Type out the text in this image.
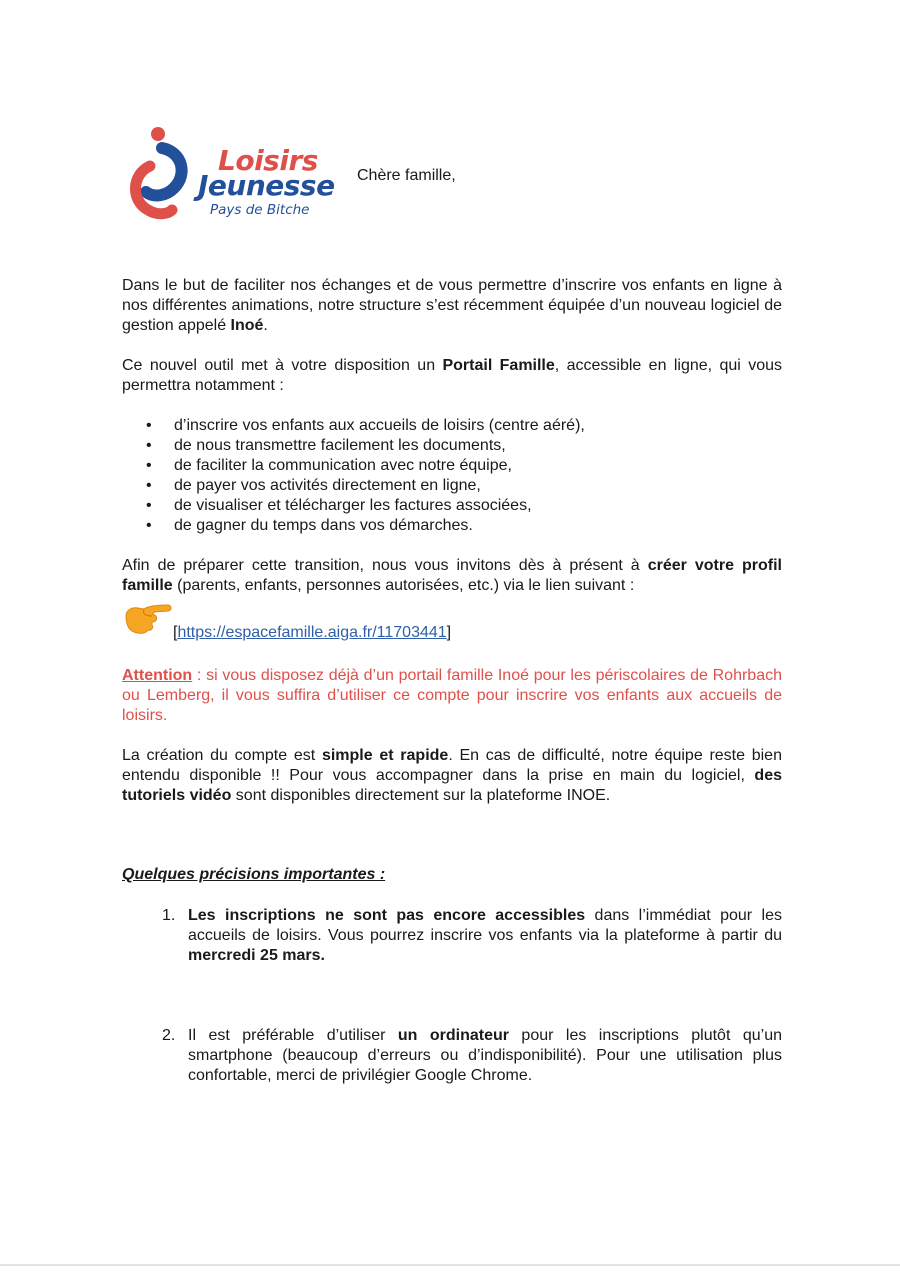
Loisirs
Jeunesse
Pays de Bitche
Chère famille,

Dans le but de faciliter nos échanges et de vous permettre d’inscrire vos enfants en ligne à nos différentes animations, notre structure s’est récemment équipée d’un nouveau logiciel de gestion appelé Inoé.

Ce nouvel outil met à votre disposition un Portail Famille, accessible en ligne, qui vous permettra notamment :

• d’inscrire vos enfants aux accueils de loisirs (centre aéré),
• de nous transmettre facilement les documents,
• de faciliter la communication avec notre équipe,
• de payer vos activités directement en ligne,
• de visualiser et télécharger les factures associées,
• de gagner du temps dans vos démarches.

Afin de préparer cette transition, nous vous invitons dès à présent à créer votre profil famille (parents, enfants, personnes autorisées, etc.) via le lien suivant :

[https://espacefamille.aiga.fr/11703441]

Attention : si vous disposez déjà d’un portail famille Inoé pour les périscolaires de Rohrbach ou Lemberg, il vous suffira d’utiliser ce compte pour inscrire vos enfants aux accueils de loisirs.

La création du compte est simple et rapide. En cas de difficulté, notre équipe reste bien entendu disponible !! Pour vous accompagner dans la prise en main du logiciel, des tutoriels vidéo sont disponibles directement sur la plateforme INOE.

Quelques précisions importantes :
1. Les inscriptions ne sont pas encore accessibles dans l’immédiat pour les accueils de loisirs. Vous pourrez inscrire vos enfants via la plateforme à partir du mercredi 25 mars.
2. Il est préférable d’utiliser un ordinateur pour les inscriptions plutôt qu’un smartphone (beaucoup d’erreurs ou d’indisponibilité). Pour une utilisation plus confortable, merci de privilégier Google Chrome.
